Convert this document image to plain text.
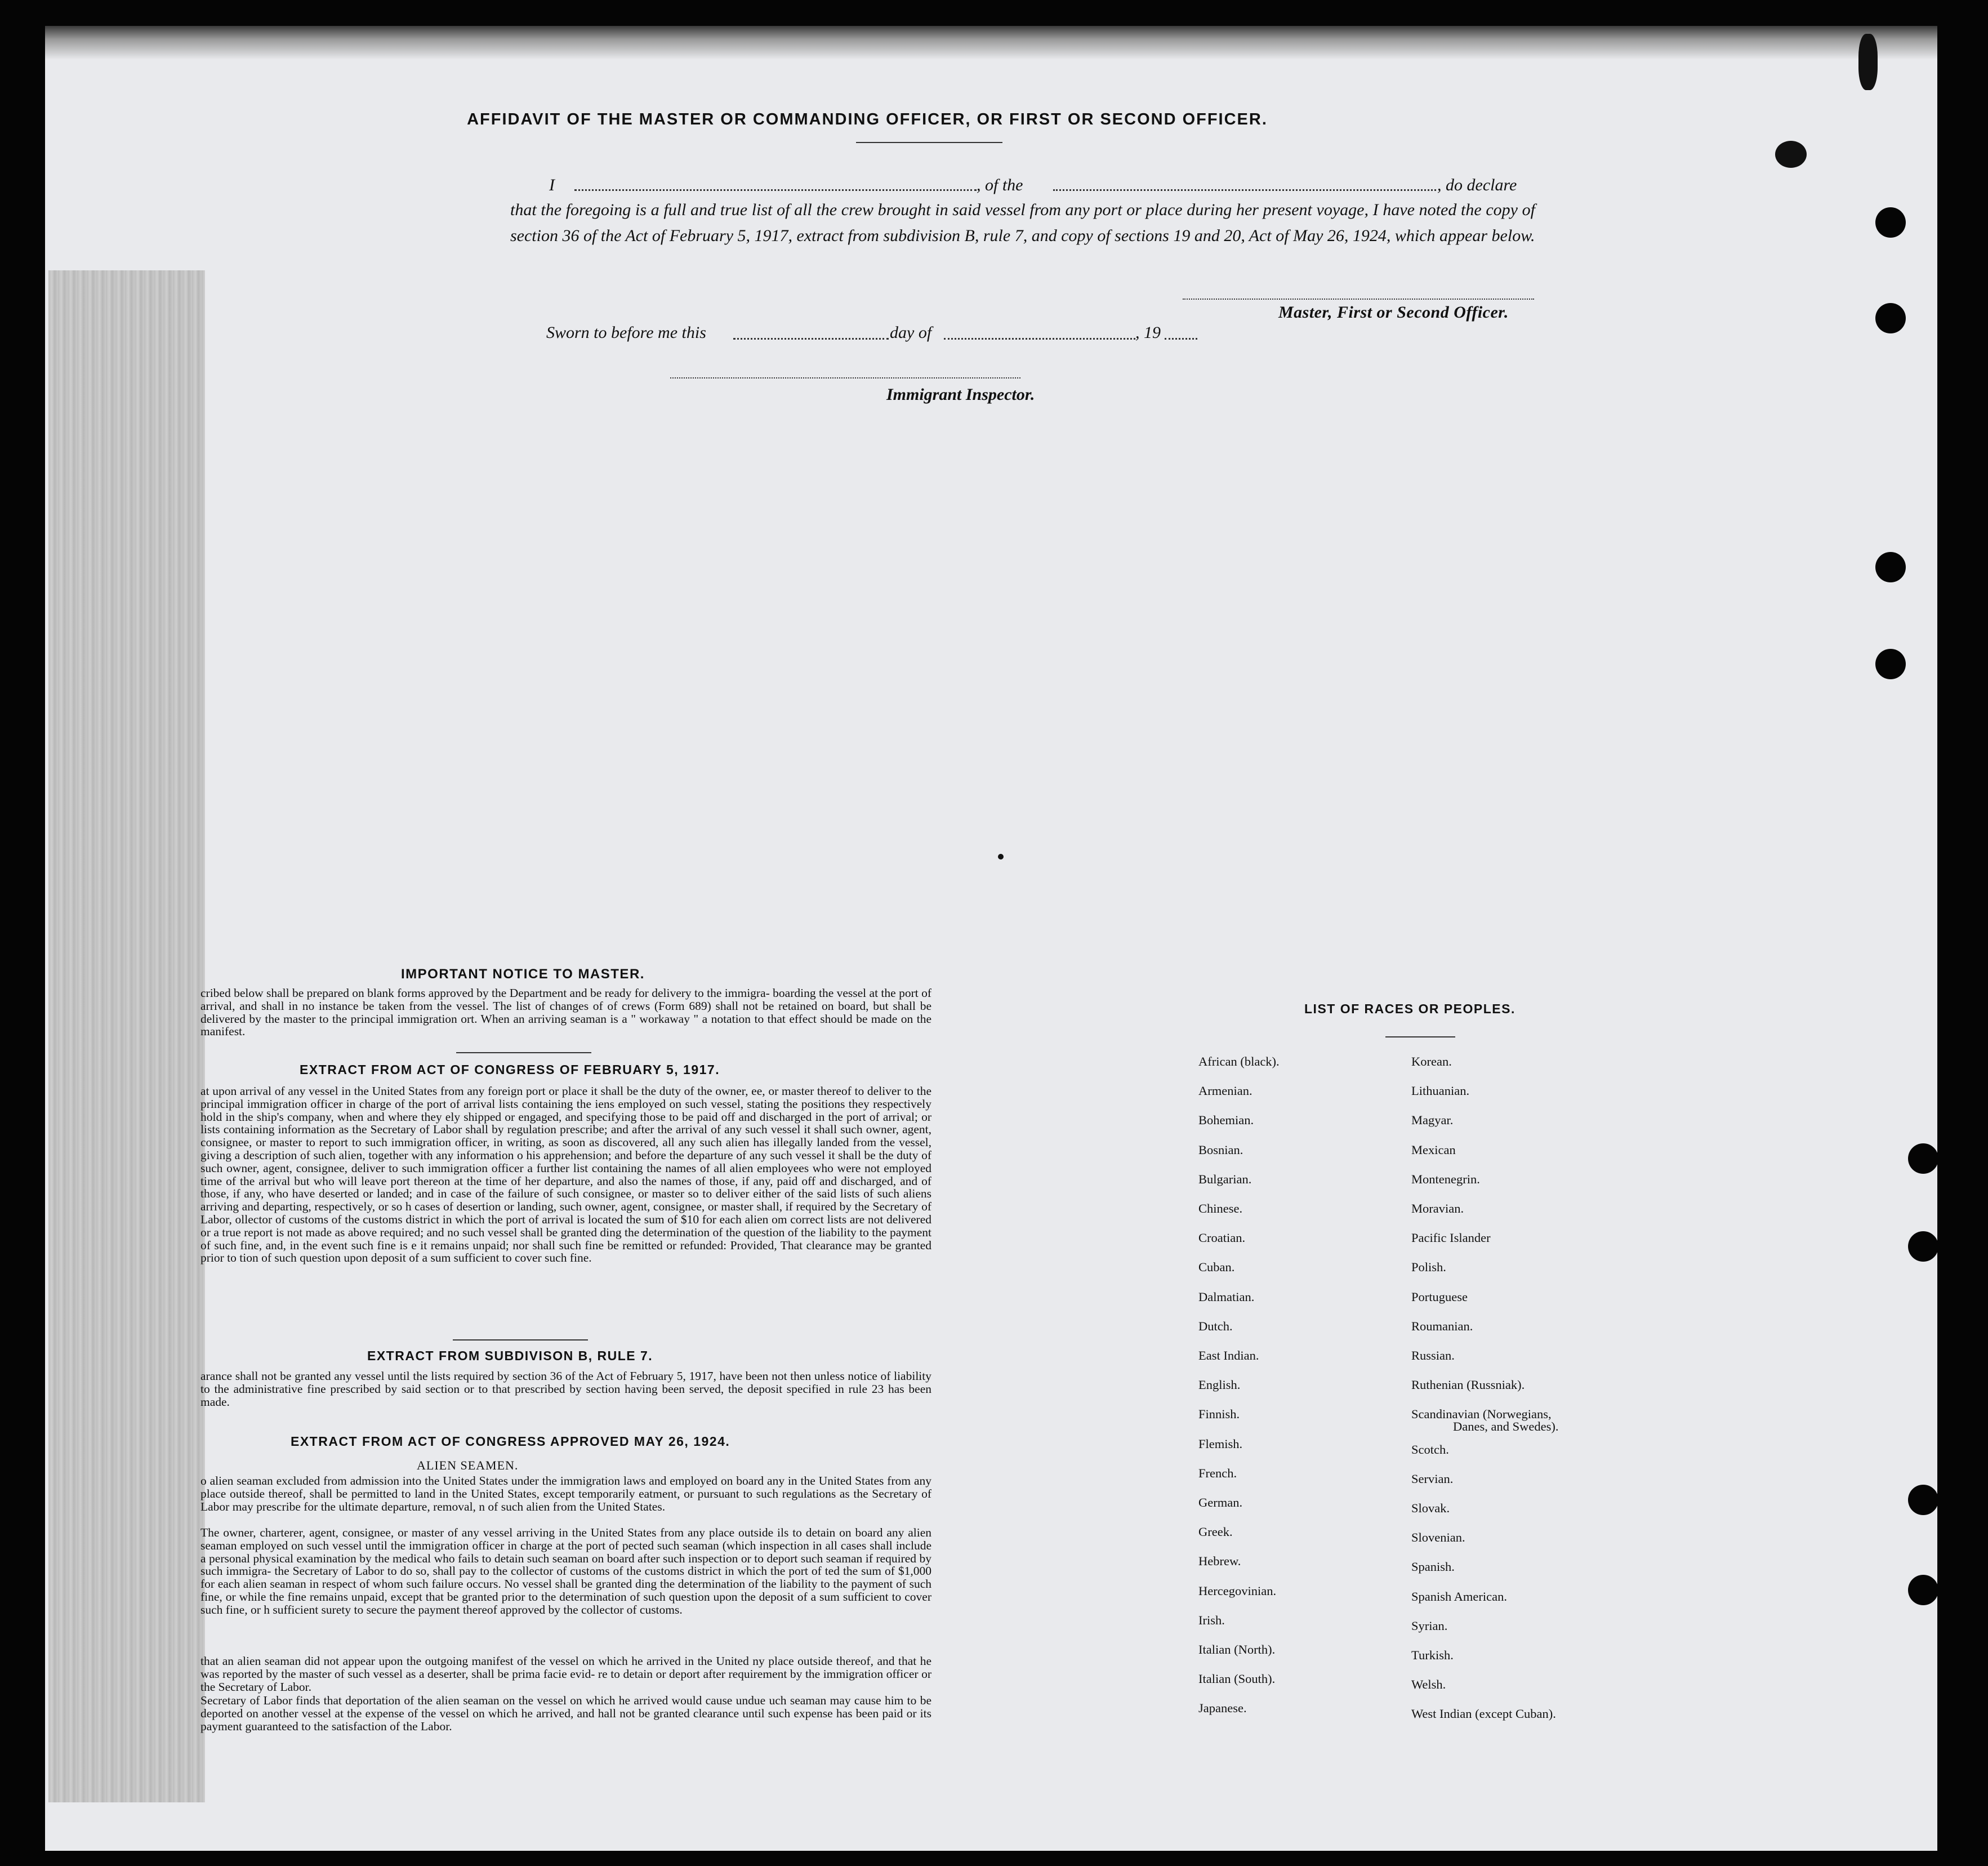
AFFIDAVIT OF THE MASTER OR COMMANDING OFFICER, OR FIRST OR SECOND OFFICER.
I	, of the	, do declare
that the foregoing is a full and true list of all the crew brought in said vessel from any port or place during her present voyage, I have noted the copy of section 36 of the Act of February 5, 1917, extract from subdivision B, rule 7, and copy of sections 19 and 20, Act of May 26, 1924, which appear below.
Master, First or Second Officer.
Sworn to before me this	day of	, 19
Immigrant Inspector.
IMPORTANT NOTICE TO MASTER.
cribed below shall be prepared on blank forms approved by the Department and be ready for delivery to the immigra- boarding the vessel at the port of arrival, and shall in no instance be taken from the vessel. The list of changes of of crews (Form 689) shall not be retained on board, but shall be delivered by the master to the principal immigration ort. When an arriving seaman is a " workaway " a notation to that effect should be made on the manifest.
EXTRACT FROM ACT OF CONGRESS OF FEBRUARY 5, 1917.
at upon arrival of any vessel in the United States from any foreign port or place it shall be the duty of the owner, ee, or master thereof to deliver to the principal immigration officer in charge of the port of arrival lists containing the iens employed on such vessel, stating the positions they respectively hold in the ship's company, when and where they ely shipped or engaged, and specifying those to be paid off and discharged in the port of arrival; or lists containing information as the Secretary of Labor shall by regulation prescribe; and after the arrival of any such vessel it shall such owner, agent, consignee, or master to report to such immigration officer, in writing, as soon as discovered, all any such alien has illegally landed from the vessel, giving a description of such alien, together with any information o his apprehension; and before the departure of any such vessel it shall be the duty of such owner, agent, consignee, deliver to such immigration officer a further list containing the names of all alien employees who were not employed time of the arrival but who will leave port thereon at the time of her departure, and also the names of those, if any, paid off and discharged, and of those, if any, who have deserted or landed; and in case of the failure of such consignee, or master so to deliver either of the said lists of such aliens arriving and departing, respectively, or so h cases of desertion or landing, such owner, agent, consignee, or master shall, if required by the Secretary of Labor, ollector of customs of the customs district in which the port of arrival is located the sum of $10 for each alien om correct lists are not delivered or a true report is not made as above required; and no such vessel shall be granted ding the determination of the question of the liability to the payment of such fine, and, in the event such fine is e it remains unpaid; nor shall such fine be remitted or refunded: Provided, That clearance may be granted prior to tion of such question upon deposit of a sum sufficient to cover such fine.
EXTRACT FROM SUBDIVISON B, RULE 7.
arance shall not be granted any vessel until the lists required by section 36 of the Act of February 5, 1917, have been not then unless notice of liability to the administrative fine prescribed by said section or to that prescribed by section having been served, the deposit specified in rule 23 has been made.
EXTRACT FROM ACT OF CONGRESS APPROVED MAY 26, 1924.
ALIEN SEAMEN.
o alien seaman excluded from admission into the United States under the immigration laws and employed on board any in the United States from any place outside thereof, shall be permitted to land in the United States, except temporarily eatment, or pursuant to such regulations as the Secretary of Labor may prescribe for the ultimate departure, removal, n of such alien from the United States.
The owner, charterer, agent, consignee, or master of any vessel arriving in the United States from any place outside ils to detain on board any alien seaman employed on such vessel until the immigration officer in charge at the port of pected such seaman (which inspection in all cases shall include a personal physical examination by the medical who fails to detain such seaman on board after such inspection or to deport such seaman if required by such immigra- the Secretary of Labor to do so, shall pay to the collector of customs of the customs district in which the port of ted the sum of $1,000 for each alien seaman in respect of whom such failure occurs. No vessel shall be granted ding the determination of the liability to the payment of such fine, or while the fine remains unpaid, except that be granted prior to the determination of such question upon the deposit of a sum sufficient to cover such fine, or h sufficient surety to secure the payment thereof approved by the collector of customs.
that an alien seaman did not appear upon the outgoing manifest of the vessel on which he arrived in the United ny place outside thereof, and that he was reported by the master of such vessel as a deserter, shall be prima facie evid- re to detain or deport after requirement by the immigration officer or the Secretary of Labor.
Secretary of Labor finds that deportation of the alien seaman on the vessel on which he arrived would cause undue uch seaman may cause him to be deported on another vessel at the expense of the vessel on which he arrived, and hall not be granted clearance until such expense has been paid or its payment guaranteed to the satisfaction of the Labor.
LIST OF RACES OR PEOPLES.
African (black).
Armenian.
Bohemian.
Bosnian.
Bulgarian.
Chinese.
Croatian.
Cuban.
Dalmatian.
Dutch.
East Indian.
English.
Finnish.
Flemish.
French.
German.
Greek.
Hebrew.
Hercegovinian.
Irish.
Italian (North).
Italian (South).
Japanese.
Korean.
Lithuanian.
Magyar.
Mexican
Montenegrin.
Moravian.
Pacific Islander
Polish.
Portuguese
Roumanian.
Russian.
Ruthenian (Russniak).
Scandinavian (Norwegians,
Scotch.
Servian.
Slovak.
Slovenian.
Spanish.
Spanish American.
Syrian.
Turkish.
Welsh.
West Indian (except Cuban).
Danes, and Swedes).
